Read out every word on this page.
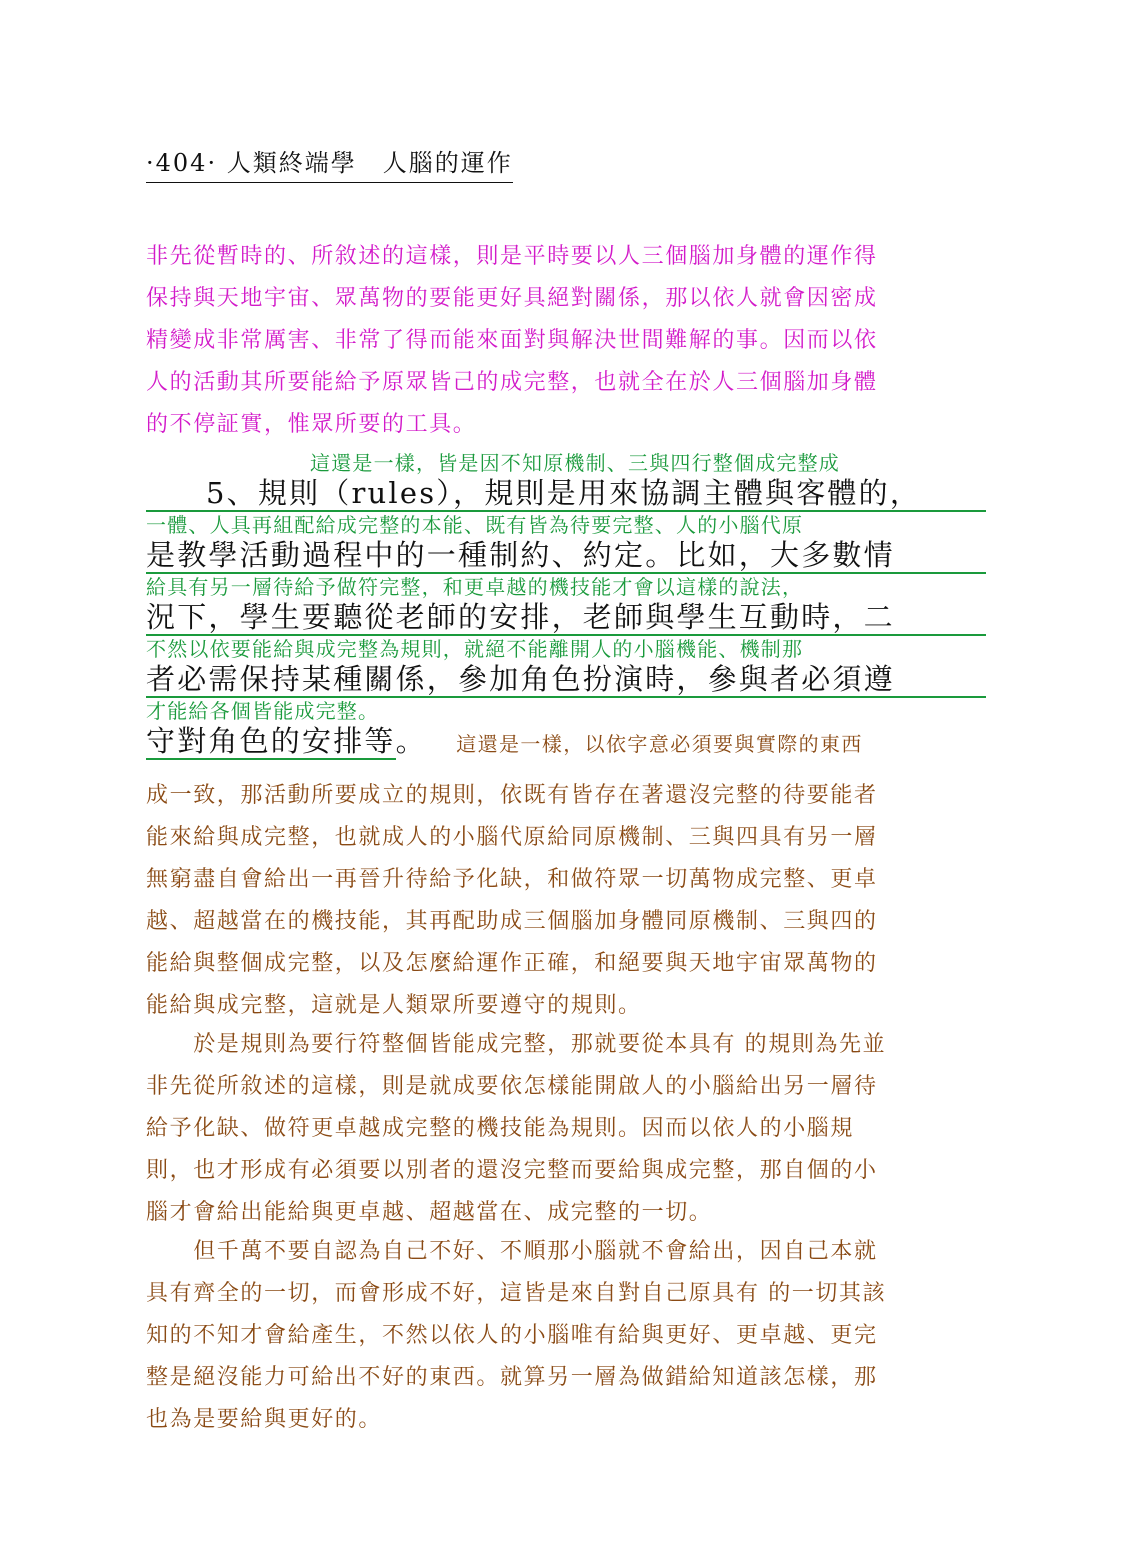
·404· 人類終端學　人腦的運作
非先從暫時的、所敘述的這樣，則是平時要以人三個腦加身體的運作得
保持與天地宇宙、眾萬物的要能更好具絕對關係，那以依人就會因密成
精變成非常厲害、非常了得而能來面對與解決世間難解的事。因而以依
人的活動其所要能給予原眾皆己的成完整，也就全在於人三個腦加身體
的不停証實，惟眾所要的工具。
這還是一樣，皆是因不知原機制、三與四行整個成完整成
5、規則（rules），規則是用來協調主體與客體的，
一體、人具再組配給成完整的本能、既有皆為待要完整、人的小腦代原
是教學活動過程中的一種制約、約定。比如，大多數情
給具有另一層待給予做符完整，和更卓越的機技能才會以這樣的說法，
況下，學生要聽從老師的安排，老師與學生互動時，二
不然以依要能給與成完整為規則，就絕不能離開人的小腦機能、機制那
者必需保持某種關係，參加角色扮演時，參與者必須遵
才能給各個皆能成完整。
守對角色的安排等。 這還是一樣，以依字意必須要與實際的東西
成一致，那活動所要成立的規則，依既有皆存在著還沒完整的待要能者
能來給與成完整，也就成人的小腦代原給同原機制、三與四具有另一層
無窮盡自會給出一再晉升待給予化缺，和做符眾一切萬物成完整、更卓
越、超越當在的機技能，其再配助成三個腦加身體同原機制、三與四的
能給與整個成完整，以及怎麼給運作正確，和絕要與天地宇宙眾萬物的
能給與成完整，這就是人類眾所要遵守的規則。
　　於是規則為要行符整個皆能成完整，那就要從本具有 的規則為先並
非先從所敘述的這樣，則是就成要依怎樣能開啟人的小腦給出另一層待
給予化缺、做符更卓越成完整的機技能為規則。因而以依人的小腦規
則，也才形成有必須要以別者的還沒完整而要給與成完整，那自個的小
腦才會給出能給與更卓越、超越當在、成完整的一切。
　　但千萬不要自認為自己不好、不順那小腦就不會給出，因自己本就
具有齊全的一切，而會形成不好，這皆是來自對自己原具有 的一切其該
知的不知才會給產生，不然以依人的小腦唯有給與更好、更卓越、更完
整是絕沒能力可給出不好的東西。就算另一層為做錯給知道該怎樣，那
也為是要給與更好的。
